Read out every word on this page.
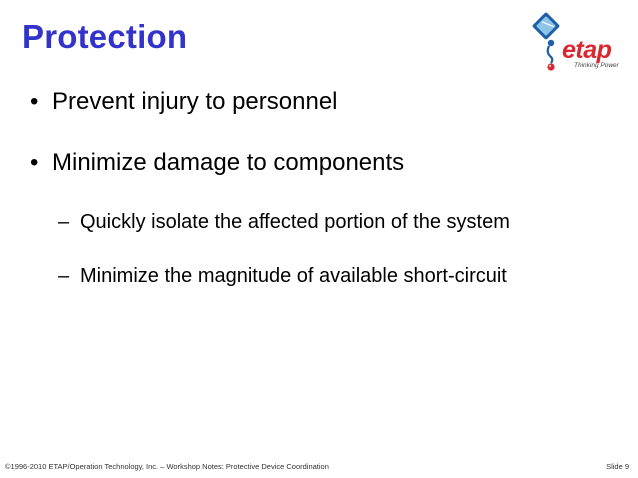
Protection	etap
Thinking Power
• Prevent injury to personnel
• Minimize damage to components
– Quickly isolate the affected portion of the system
– Minimize the magnitude of available short-circuit
©1996-2010 ETAP/Operation Technology, Inc. – Workshop Notes: Protective Device Coordination	Slide 9
